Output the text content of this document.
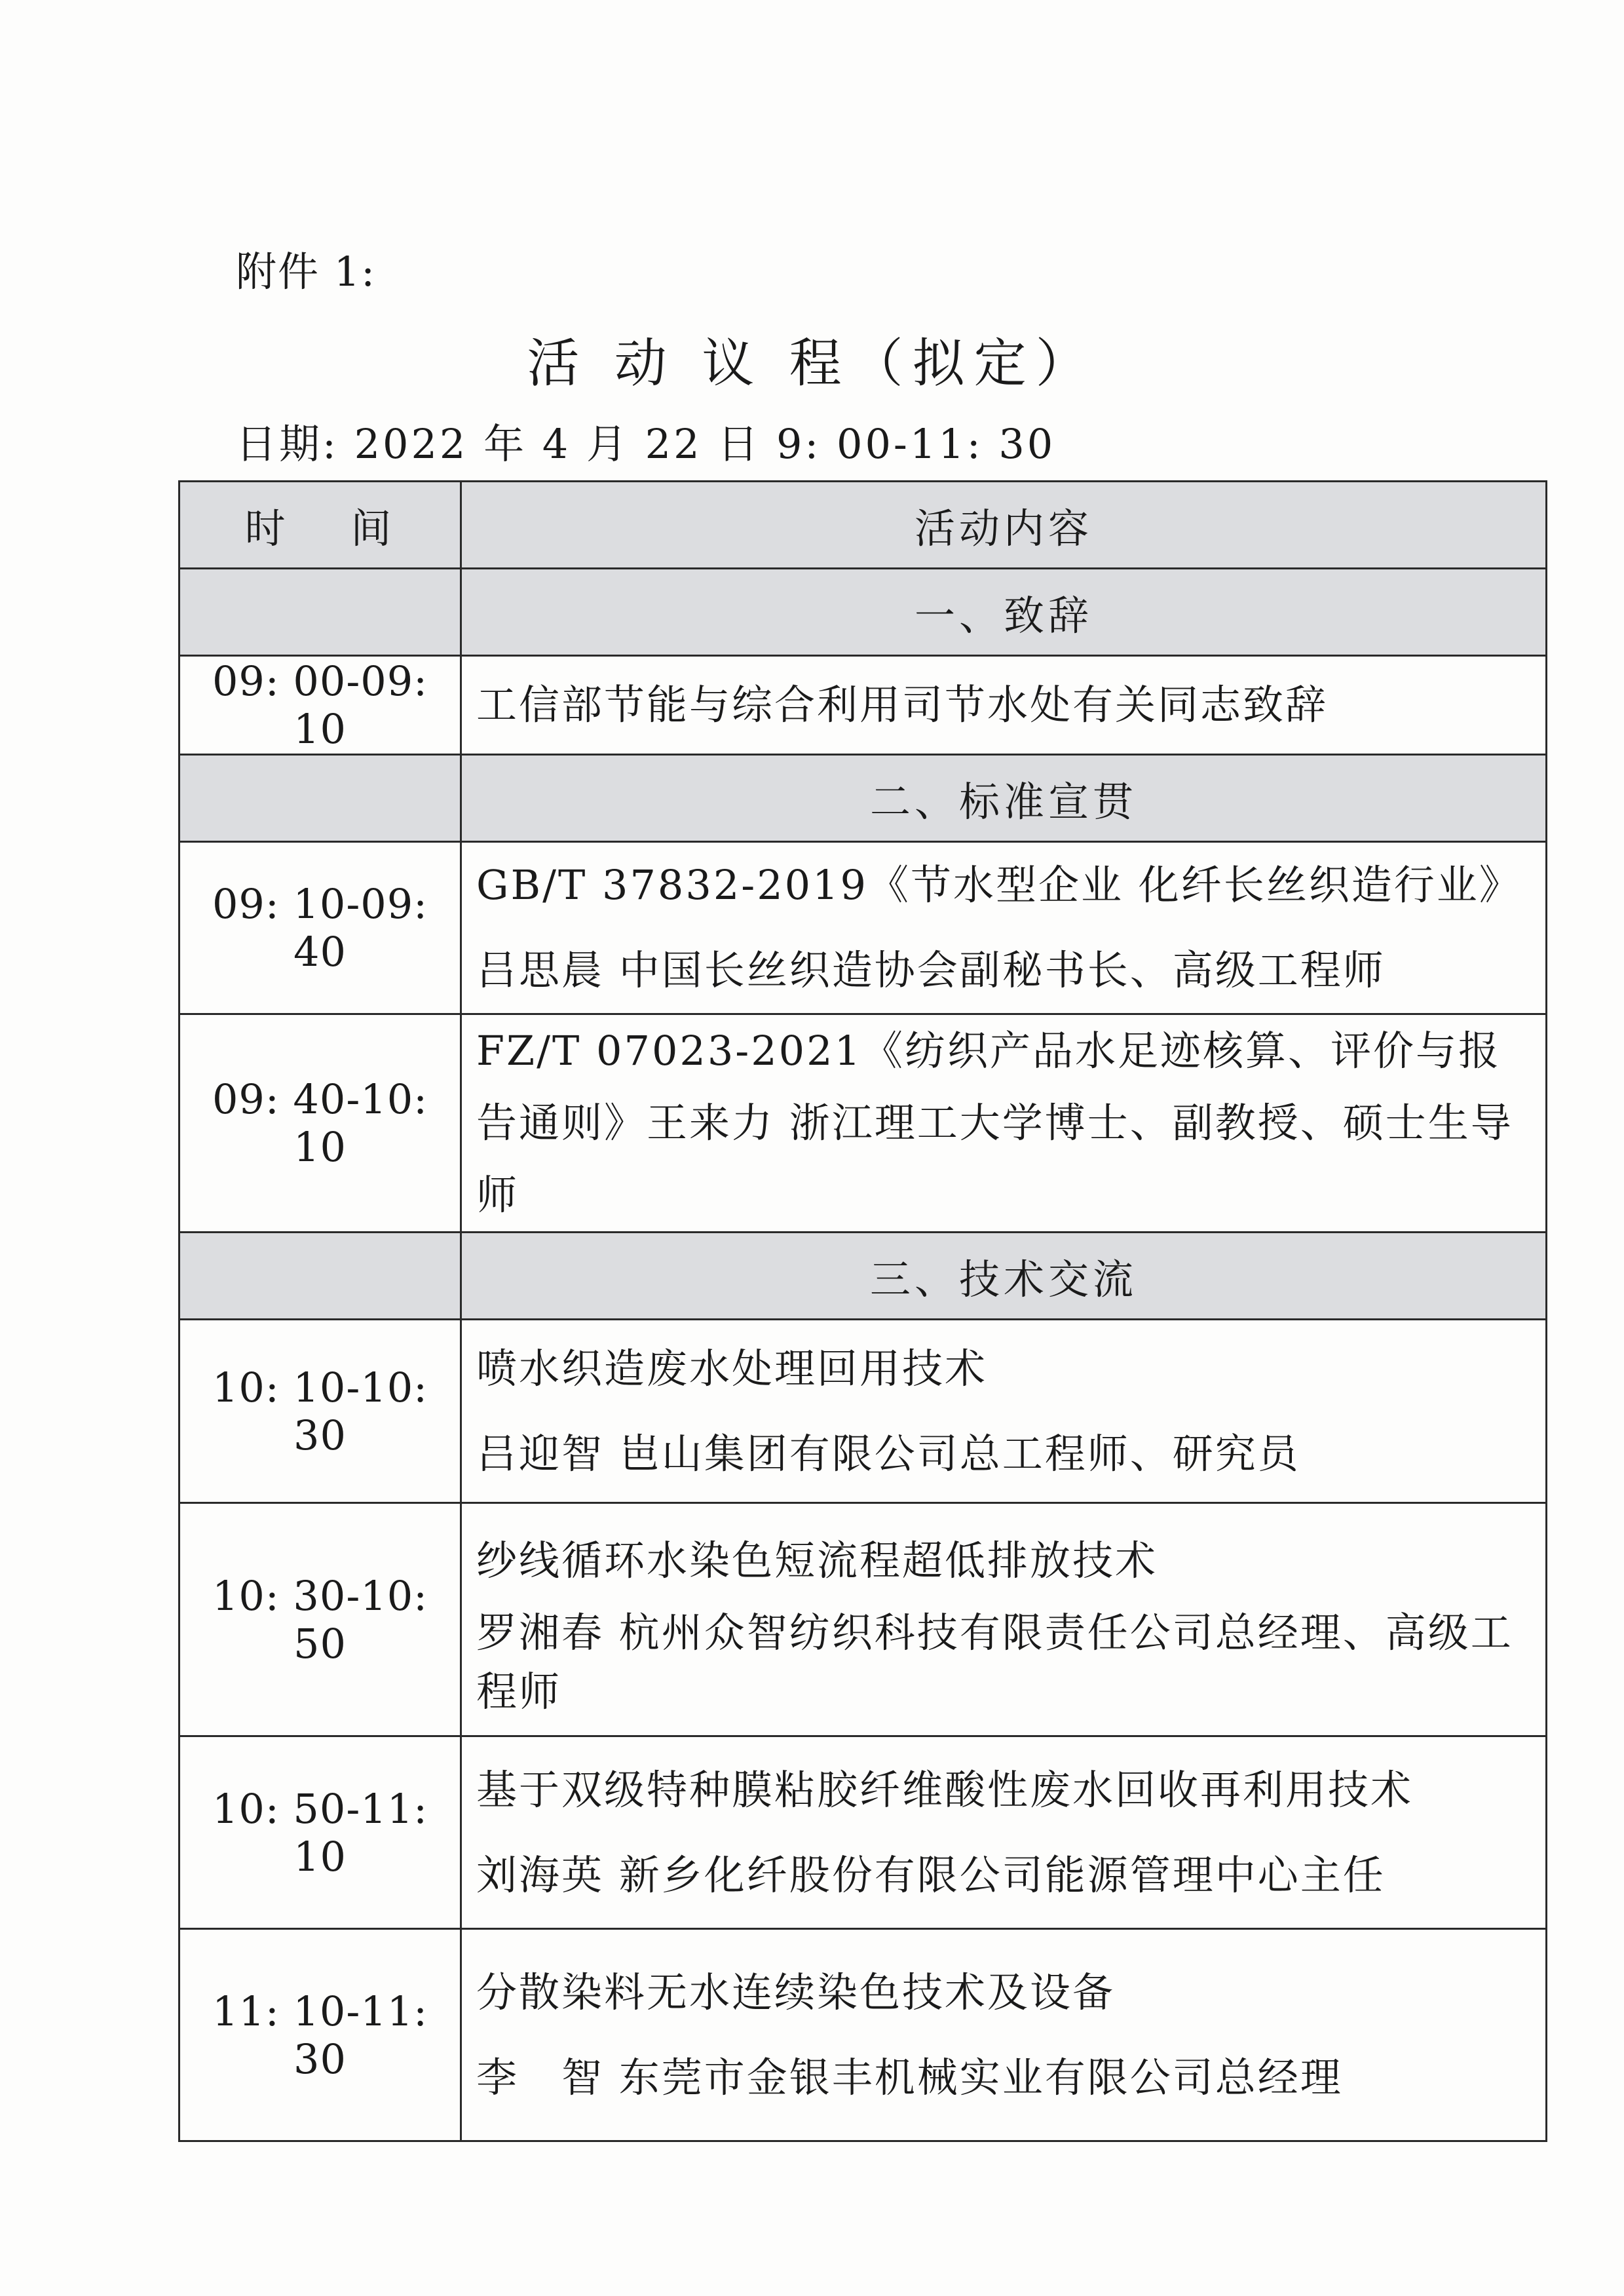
附件 1:
活 动 议 程（拟定）
日期: 2022 年 4 月 22 日 9: 00-11: 30
时　 间	活动内容
	一、致辞
09: 00-09: 10	工信部节能与综合利用司节水处有关同志致辞
	二、标准宣贯
09: 10-09: 40	GB/T 37832-2019《节水型企业 化纤长丝织造行业》
吕思晨 中国长丝织造协会副秘书长、高级工程师

09: 40-10: 10	FZ/T 07023-2021《纺织产品水足迹核算、评价与报告通则》王来力 浙江理工大学博士、副教授、硕士生导师
	三、技术交流
10: 10-10: 30	喷水织造废水处理回用技术
吕迎智 岜山集团有限公司总工程师、研究员

10: 30-10: 50	纱线循环水染色短流程超低排放技术
罗湘春 杭州众智纺织科技有限责任公司总经理、高级工程师

10: 50-11: 10	基于双级特种膜粘胶纤维酸性废水回收再利用技术
刘海英 新乡化纤股份有限公司能源管理中心主任

11: 10-11: 30	分散染料无水连续染色技术及设备
李　智 东莞市金银丰机械实业有限公司总经理
